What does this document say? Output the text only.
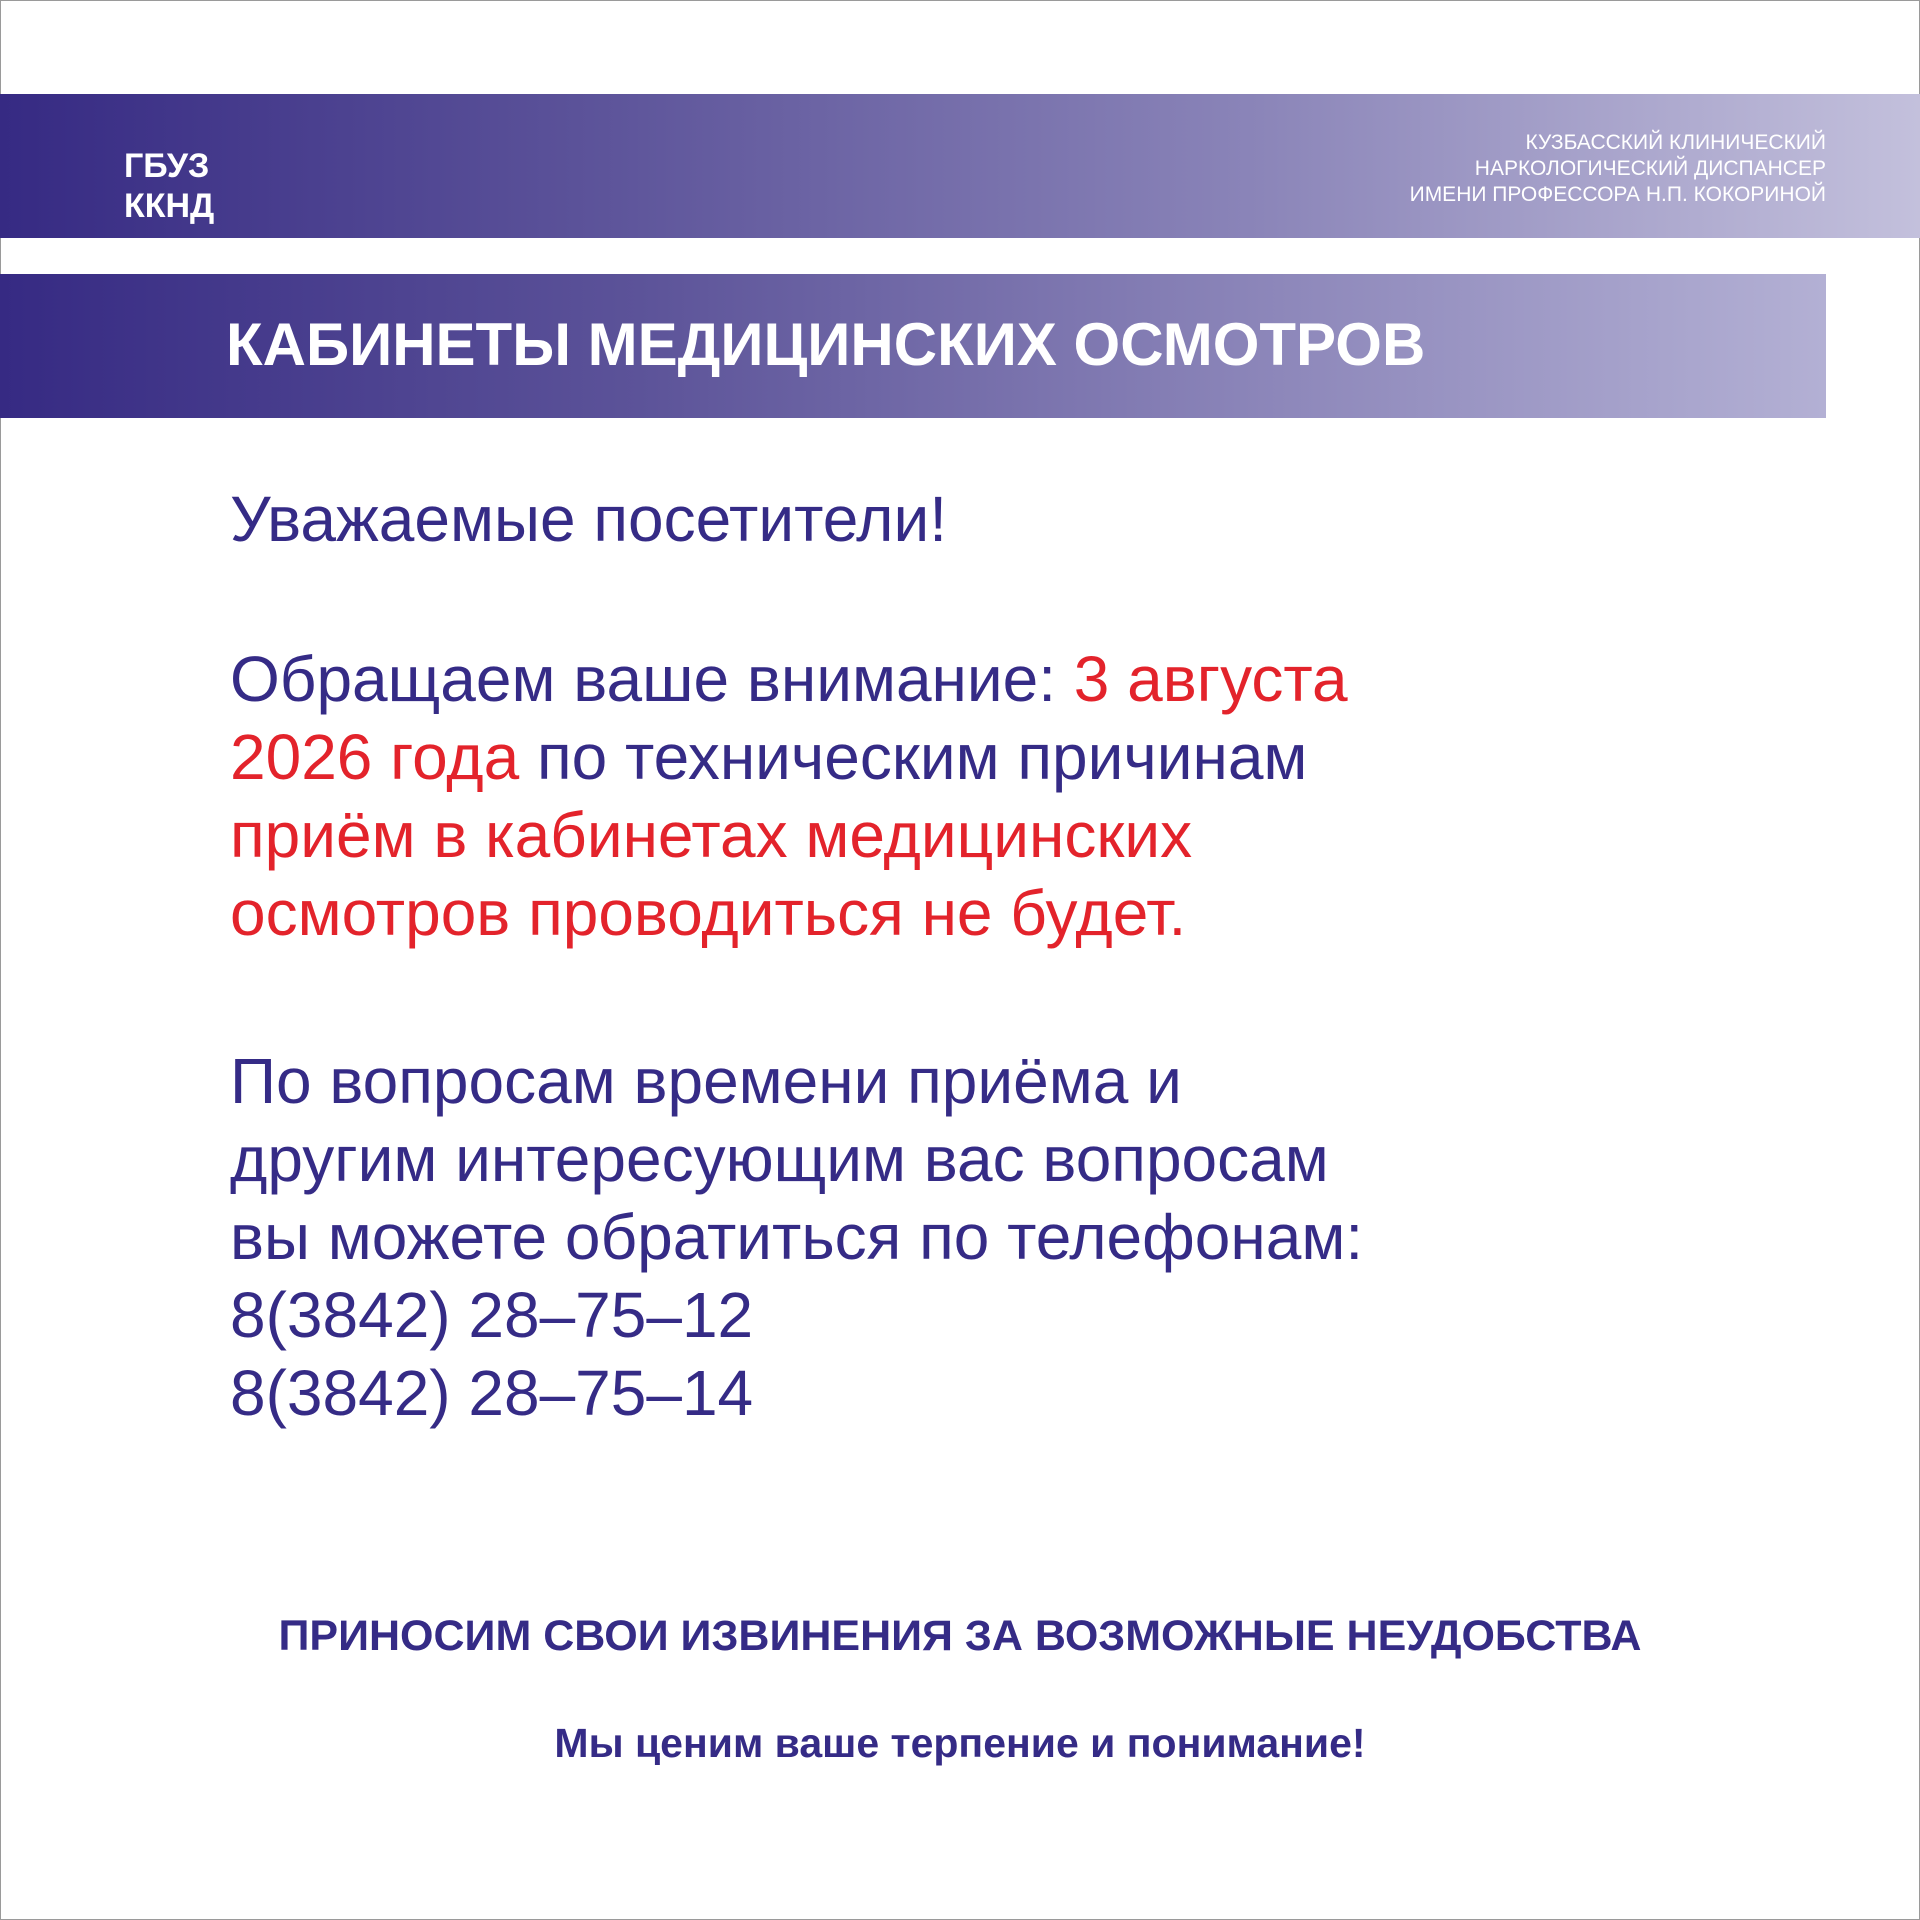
ГБУЗ
ККНД
КУЗБАССКИЙ КЛИНИЧЕСКИЙ
НАРКОЛОГИЧЕСКИЙ ДИСПАНСЕР
ИМЕНИ ПРОФЕССОРА Н.П. КОКОРИНОЙ
КАБИНЕТЫ МЕДИЦИНСКИХ ОСМОТРОВ
Уважаемые посетители!
Обращаем ваше внимание: 3 августа
2026 года по техническим причинам
приём в кабинетах медицинских
осмотров проводиться не будет.
По вопросам времени приёма и
другим интересующим вас вопросам
вы можете обратиться по телефонам:
8(3842) 28–75–12
8(3842) 28–75–14
ПРИНОСИМ СВОИ ИЗВИНЕНИЯ ЗА ВОЗМОЖНЫЕ НЕУДОБСТВА
Мы ценим ваше терпение и понимание!
